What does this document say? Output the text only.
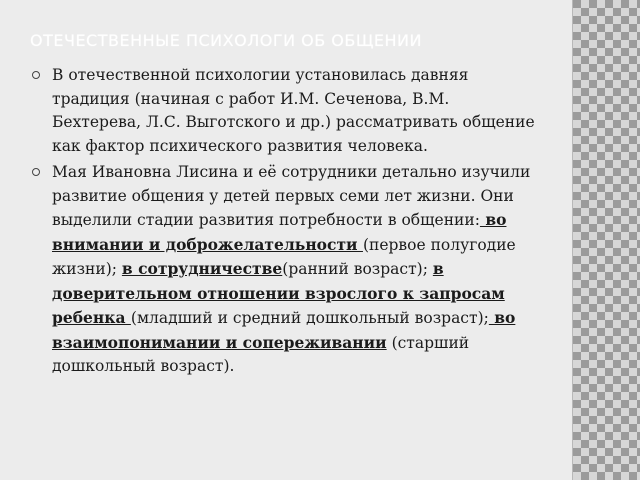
ОТЕЧЕСТВЕННЫЕ ПСИХОЛОГИ ОБ ОБЩЕНИИ
В отечественной психологии установилась давняя традиция (начиная с работ И.М. Сеченова, В.М. Бехтерева, Л.С. Выготского и др.) рассматривать общение как фактор психического развития человека.
Мая Ивановна Лисина и её сотрудники детально изучили развитие общения у детей первых семи лет жизни. Они выделили стадии развития потребности в общении: во внимании и доброжелательности (первое полугодие жизни); в сотрудничестве(ранний возраст); в доверительном отношении взрослого к запросам ребенка (младший и средний дошкольный возраст); во взаимопонимании и сопереживании (старший дошкольный возраст).
